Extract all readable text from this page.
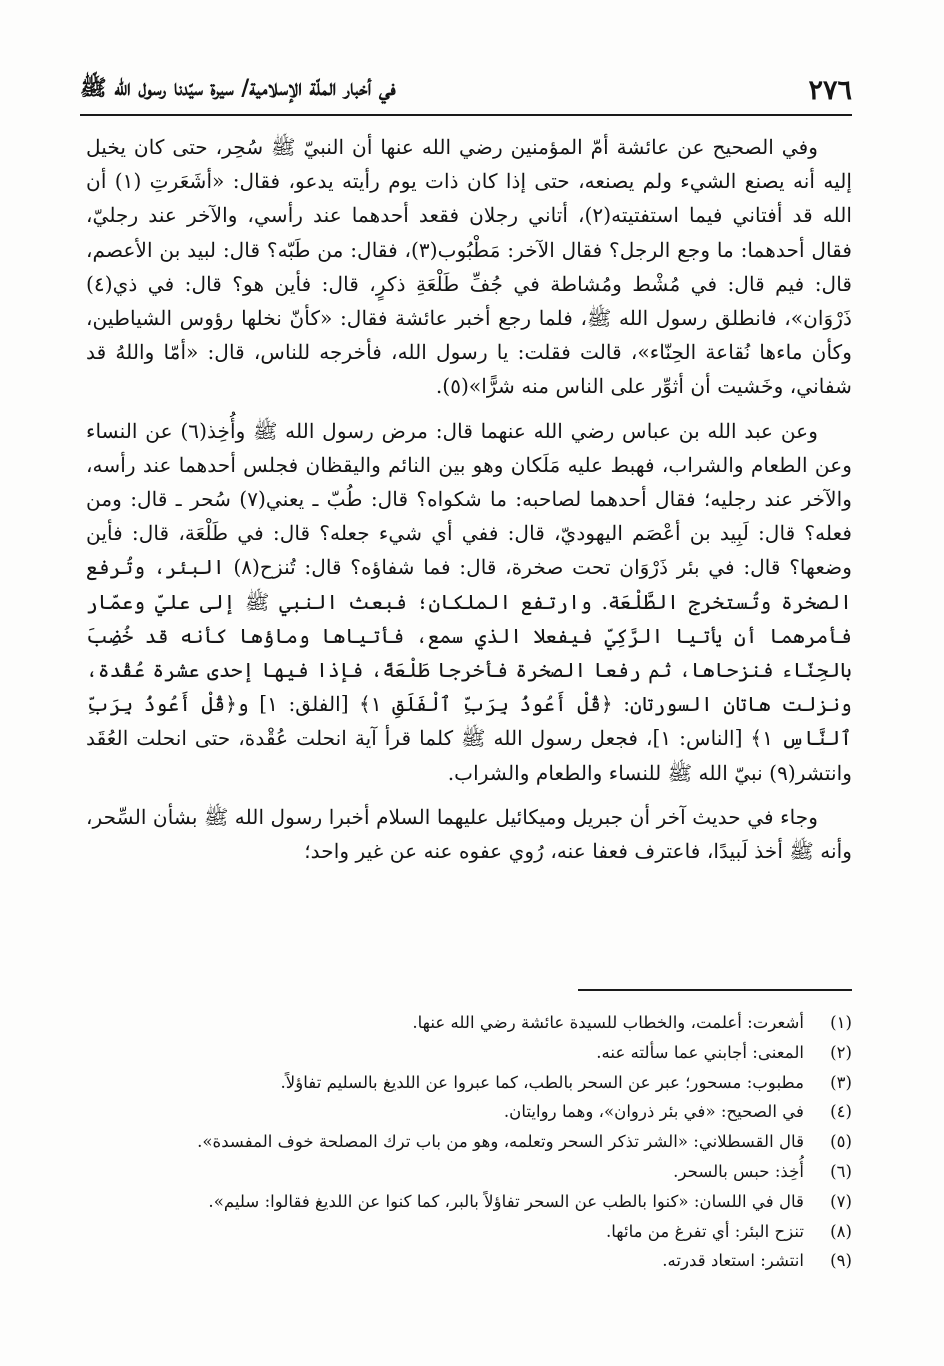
٢٧٦
في أخبار الملّة الإسلامية/ سيرة سيّدنا رسول الله ﷺ

وفي الصحيح عن عائشة أمّ المؤمنين رضي الله عنها أن النبيّ ﷺ سُحِر، حتى كان يخيل إليه أنه يصنع الشيء ولم يصنعه، حتى إذا كان ذات يوم رأيته يدعو، فقال: «أشَعَرتِ (١) أن الله قد أفتاني فيما استفتيته(٢)، أتاني رجلان فقعد أحدهما عند رأسي، والآخر عند رجليّ، فقال أحدهما: ما وجع الرجل؟ فقال الآخر: مَطْبُوب(٣)، فقال: من طَبّه؟ قال: لبيد بن الأعصم، قال: فيم قال: في مُشْط ومُشاطة في جُفِّ طَلْعَةِ ذكرٍ، قال: فأين هو؟ قال: في ذي(٤) ذَرْوَان»، فانطلق رسول الله ﷺ، فلما رجع أخبر عائشة فقال: «كأنّ نخلها رؤوس الشياطين، وكأن ماءها نُقاعة الحِنّاء»، قالت فقلت: يا رسول الله، فأخرجه للناس، قال: «أمّا واللهُ قد شفاني، وخَشيت أن أثوِّر على الناس منه شرًّا»(٥).

وعن عبد الله بن عباس رضي الله عنهما قال: مرض رسول الله ﷺ وأُخِذ(٦) عن النساء وعن الطعام والشراب، فهبط عليه مَلَكان وهو بين النائم واليقظان فجلس أحدهما عند رأسه، والآخر عند رجليه؛ فقال أحدهما لصاحبه: ما شكواه؟ قال: طُبّ ـ يعني(٧) سُحر ـ قال: ومن فعله؟ قال: لَبِيد بن أعْصَم اليهوديّ، قال: ففي أي شيء جعله؟ قال: في طَلْعَة، قال: فأين وضعها؟ قال: في بئر ذَرْوَان تحت صخرة، قال: فما شفاؤه؟ قال: تُنزح(٨) البئر، وتُرفع الصخرة وتُستخرج الطَّلْعَة. وارتفع الملكان؛ فبعث النبي ﷺ إلى عليّ وعمّار فأمرهما أن يأتيا الرَّكِيّ فيفعلا الذي سمع، فأتياها وماؤها كأنه قد خُضِبَ بالحِنّاء فنزحاها، ثم رفعا الصخرة فأخرجا طَلْعَةً، فإذا فيها إحدى عشرة عُقْدة، ونزلت هاتان السورتان: ﴿قُلْ أَعُوذُ بِرَبِّ ٱلْفَلَقِ ١﴾ [الفلق: ١] و﴿قُلْ أَعُوذُ بِرَبِّ ٱلنَّاسِ ١﴾ [الناس: ١]، فجعل رسول الله ﷺ كلما قرأ آية انحلت عُقْدة، حتى انحلت العُقَد وانتشر(٩) نبيّ الله ﷺ للنساء والطعام والشراب.

وجاء في حديث آخر أن جبريل وميكائيل عليهما السلام أخبرا رسول الله ﷺ بشأن السِّحر، وأنه ﷺ أخذ لَبيدًا، فاعترف فعفا عنه، رُوي عفوه عنه عن غير واحد؛

(١)
أشعرت: أعلمت، والخطاب للسيدة عائشة رضي الله عنها.
(٢)
المعنى: أجابني عما سألته عنه.
(٣)
مطبوب: مسحور؛ عبر عن السحر بالطب، كما عبروا عن اللديغ بالسليم تفاؤلاً.
(٤)
في الصحيح: «في بئر ذروان»، وهما روايتان.
(٥)
قال القسطلاني: «الشر تذكر السحر وتعلمه، وهو من باب ترك المصلحة خوف المفسدة».
(٦)
أُخِذ: حبس بالسحر.
(٧)
قال في اللسان: «كنوا بالطب عن السحر تفاؤلاً بالبر، كما كنوا عن اللديغ فقالوا: سليم».
(٨)
تنزح البئر: أي تفرغ من مائها.
(٩)
انتشر: استعاد قدرته.
